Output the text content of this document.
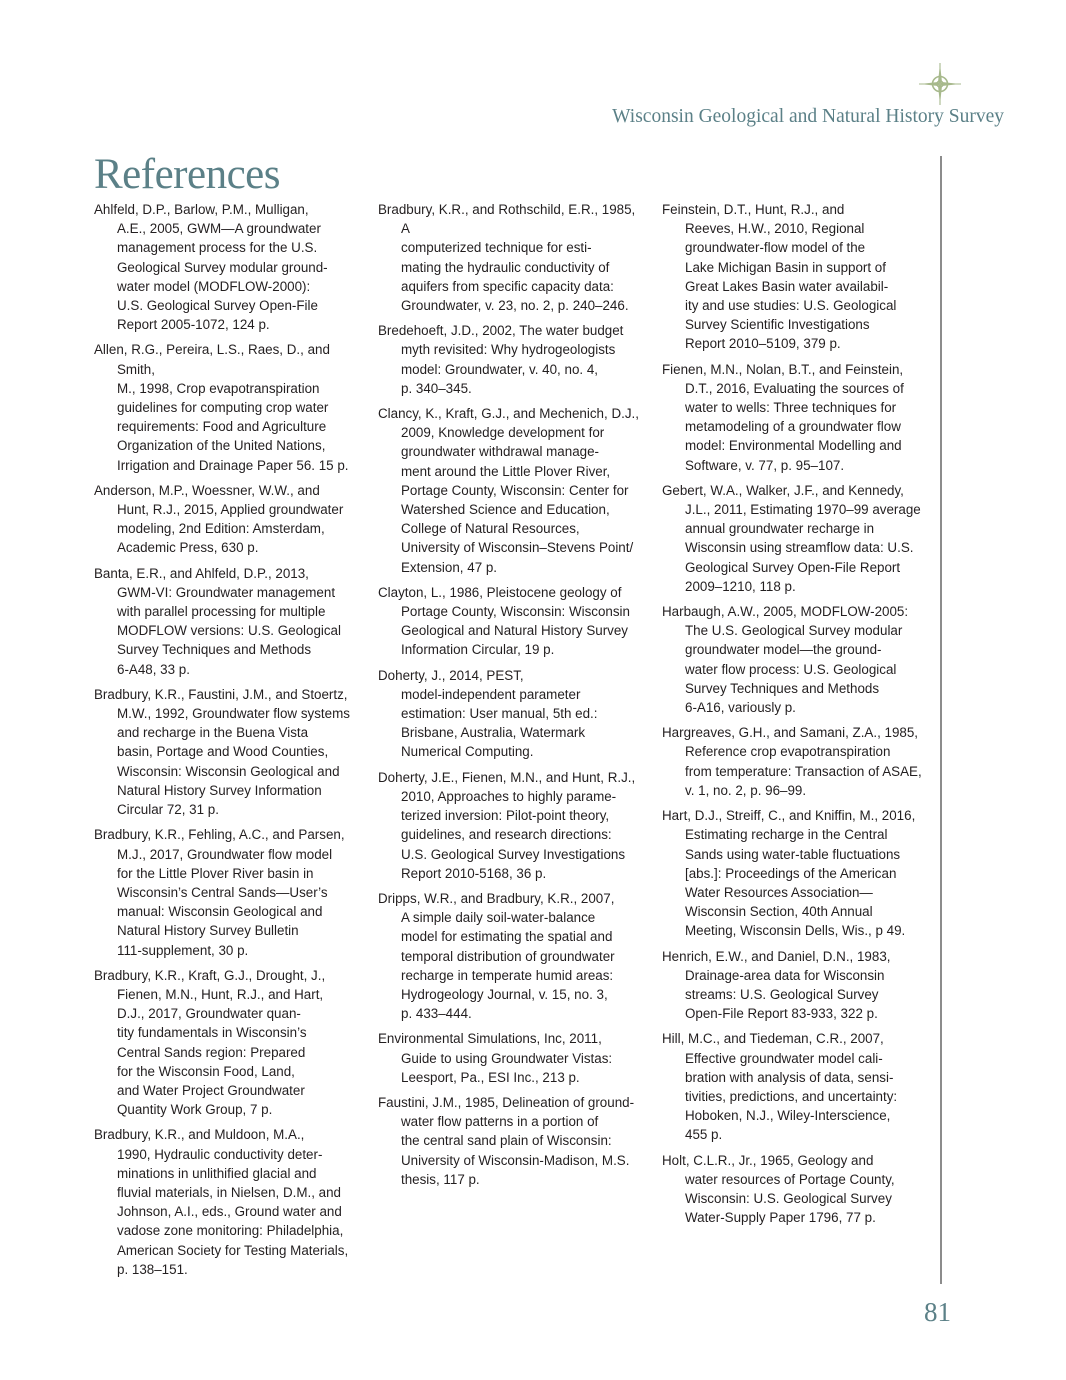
Wisconsin Geological and Natural History Survey
References

Ahlfeld, D.P., Barlow, P.M., Mulligan,
A.E., 2005, GWM—A groundwater
management process for the U.S.
Geological Survey modular ground-
water model (MODFLOW-2000):
U.S. Geological Survey Open-File
Report 2005-1072, 124 p.

Allen, R.G., Pereira, L.S., Raes, D., and Smith,
M., 1998, Crop evapotranspiration
guidelines for computing crop water
requirements: Food and Agriculture
Organization of the United Nations,
Irrigation and Drainage Paper 56. 15 p.

Anderson, M.P., Woessner, W.W., and
Hunt, R.J., 2015, Applied groundwater
modeling, 2nd Edition: Amsterdam,
Academic Press, 630 p.

Banta, E.R., and Ahlfeld, D.P., 2013,
GWM-VI: Groundwater management
with parallel processing for multiple
MODFLOW versions: U.S. Geological
Survey Techniques and Methods
6-A48, 33 p.

Bradbury, K.R., Faustini, J.M., and Stoertz,
M.W., 1992, Groundwater flow systems
and recharge in the Buena Vista
basin, Portage and Wood Counties,
Wisconsin: Wisconsin Geological and
Natural History Survey Information
Circular 72, 31 p.

Bradbury, K.R., Fehling, A.C., and Parsen,
M.J., 2017, Groundwater flow model
for the Little Plover River basin in
Wisconsin’s Central Sands—User’s
manual: Wisconsin Geological and
Natural History Survey Bulletin
111-supplement, 30 p.

Bradbury, K.R., Kraft, G.J., Drought, J.,
Fienen, M.N., Hunt, R.J., and Hart,
D.J., 2017, Groundwater quan-
tity fundamentals in Wisconsin’s
Central Sands region: Prepared
for the Wisconsin Food, Land,
and Water Project Groundwater
Quantity Work Group, 7 p.

Bradbury, K.R., and Muldoon, M.A.,
1990, Hydraulic conductivity deter-
minations in unlithified glacial and
fluvial materials, in Nielsen, D.M., and
Johnson, A.I., eds., Ground water and
vadose zone monitoring: Philadelphia,
American Society for Testing Materials,
p. 138–151.

Bradbury, K.R., and Rothschild, E.R., 1985, A
computerized technique for esti-
mating the hydraulic conductivity of
aquifers from specific capacity data:
Groundwater, v. 23, no. 2, p. 240–246.

Bredehoeft, J.D., 2002, The water budget
myth revisited: Why hydrogeologists
model: Groundwater, v. 40, no. 4,
p. 340–345.

Clancy, K., Kraft, G.J., and Mechenich, D.J.,
2009, Knowledge development for
groundwater withdrawal manage-
ment around the Little Plover River,
Portage County, Wisconsin: Center for
Watershed Science and Education,
College of Natural Resources,
University of Wisconsin–Stevens Point/
Extension, 47 p.

Clayton, L., 1986, Pleistocene geology of
Portage County, Wisconsin: Wisconsin
Geological and Natural History Survey
Information Circular, 19 p.

Doherty, J., 2014, PEST,
model-independent parameter
estimation: User manual, 5th ed.:
Brisbane, Australia, Watermark
Numerical Computing.

Doherty, J.E., Fienen, M.N., and Hunt, R.J.,
2010, Approaches to highly parame-
terized inversion: Pilot-point theory,
guidelines, and research directions:
U.S. Geological Survey Investigations
Report 2010-5168, 36 p.

Dripps, W.R., and Bradbury, K.R., 2007,
A simple daily soil-water-balance
model for estimating the spatial and
temporal distribution of groundwater
recharge in temperate humid areas:
Hydrogeology Journal, v. 15, no. 3,
p. 433–444.

Environmental Simulations, Inc, 2011,
Guide to using Groundwater Vistas:
Leesport, Pa., ESI Inc., 213 p.

Faustini, J.M., 1985, Delineation of ground-
water flow patterns in a portion of
the central sand plain of Wisconsin:
University of Wisconsin-Madison, M.S.
thesis, 117 p.

Feinstein, D.T., Hunt, R.J., and
Reeves, H.W., 2010, Regional
groundwater-flow model of the
Lake Michigan Basin in support of
Great Lakes Basin water availabil-
ity and use studies: U.S. Geological
Survey Scientific Investigations
Report 2010–5109, 379 p.

Fienen, M.N., Nolan, B.T., and Feinstein,
D.T., 2016, Evaluating the sources of
water to wells: Three techniques for
metamodeling of a groundwater flow
model: Environmental Modelling and
Software, v. 77, p. 95–107.

Gebert, W.A., Walker, J.F., and Kennedy,
J.L., 2011, Estimating 1970–99 average
annual groundwater recharge in
Wisconsin using streamflow data: U.S.
Geological Survey Open-File Report
2009–1210, 118 p.

Harbaugh, A.W., 2005, MODFLOW-2005:
The U.S. Geological Survey modular
groundwater model—the ground-
water flow process: U.S. Geological
Survey Techniques and Methods
6-A16, variously p.

Hargreaves, G.H., and Samani, Z.A., 1985,
Reference crop evapotranspiration
from temperature: Transaction of ASAE,
v. 1, no. 2, p. 96–99.

Hart, D.J., Streiff, C., and Kniffin, M., 2016,
Estimating recharge in the Central
Sands using water-table fluctuations
[abs.]: Proceedings of the American
Water Resources Association—
Wisconsin Section, 40th Annual
Meeting, Wisconsin Dells, Wis., p 49.

Henrich, E.W., and Daniel, D.N., 1983,
Drainage-area data for Wisconsin
streams: U.S. Geological Survey
Open-File Report 83-933, 322 p.

Hill, M.C., and Tiedeman, C.R., 2007,
Effective groundwater model cali-
bration with analysis of data, sensi-
tivities, predictions, and uncertainty:
Hoboken, N.J., Wiley-Interscience,
455 p.

Holt, C.L.R., Jr., 1965, Geology and
water resources of Portage County,
Wisconsin: U.S. Geological Survey
Water-Supply Paper 1796, 77 p.

81
